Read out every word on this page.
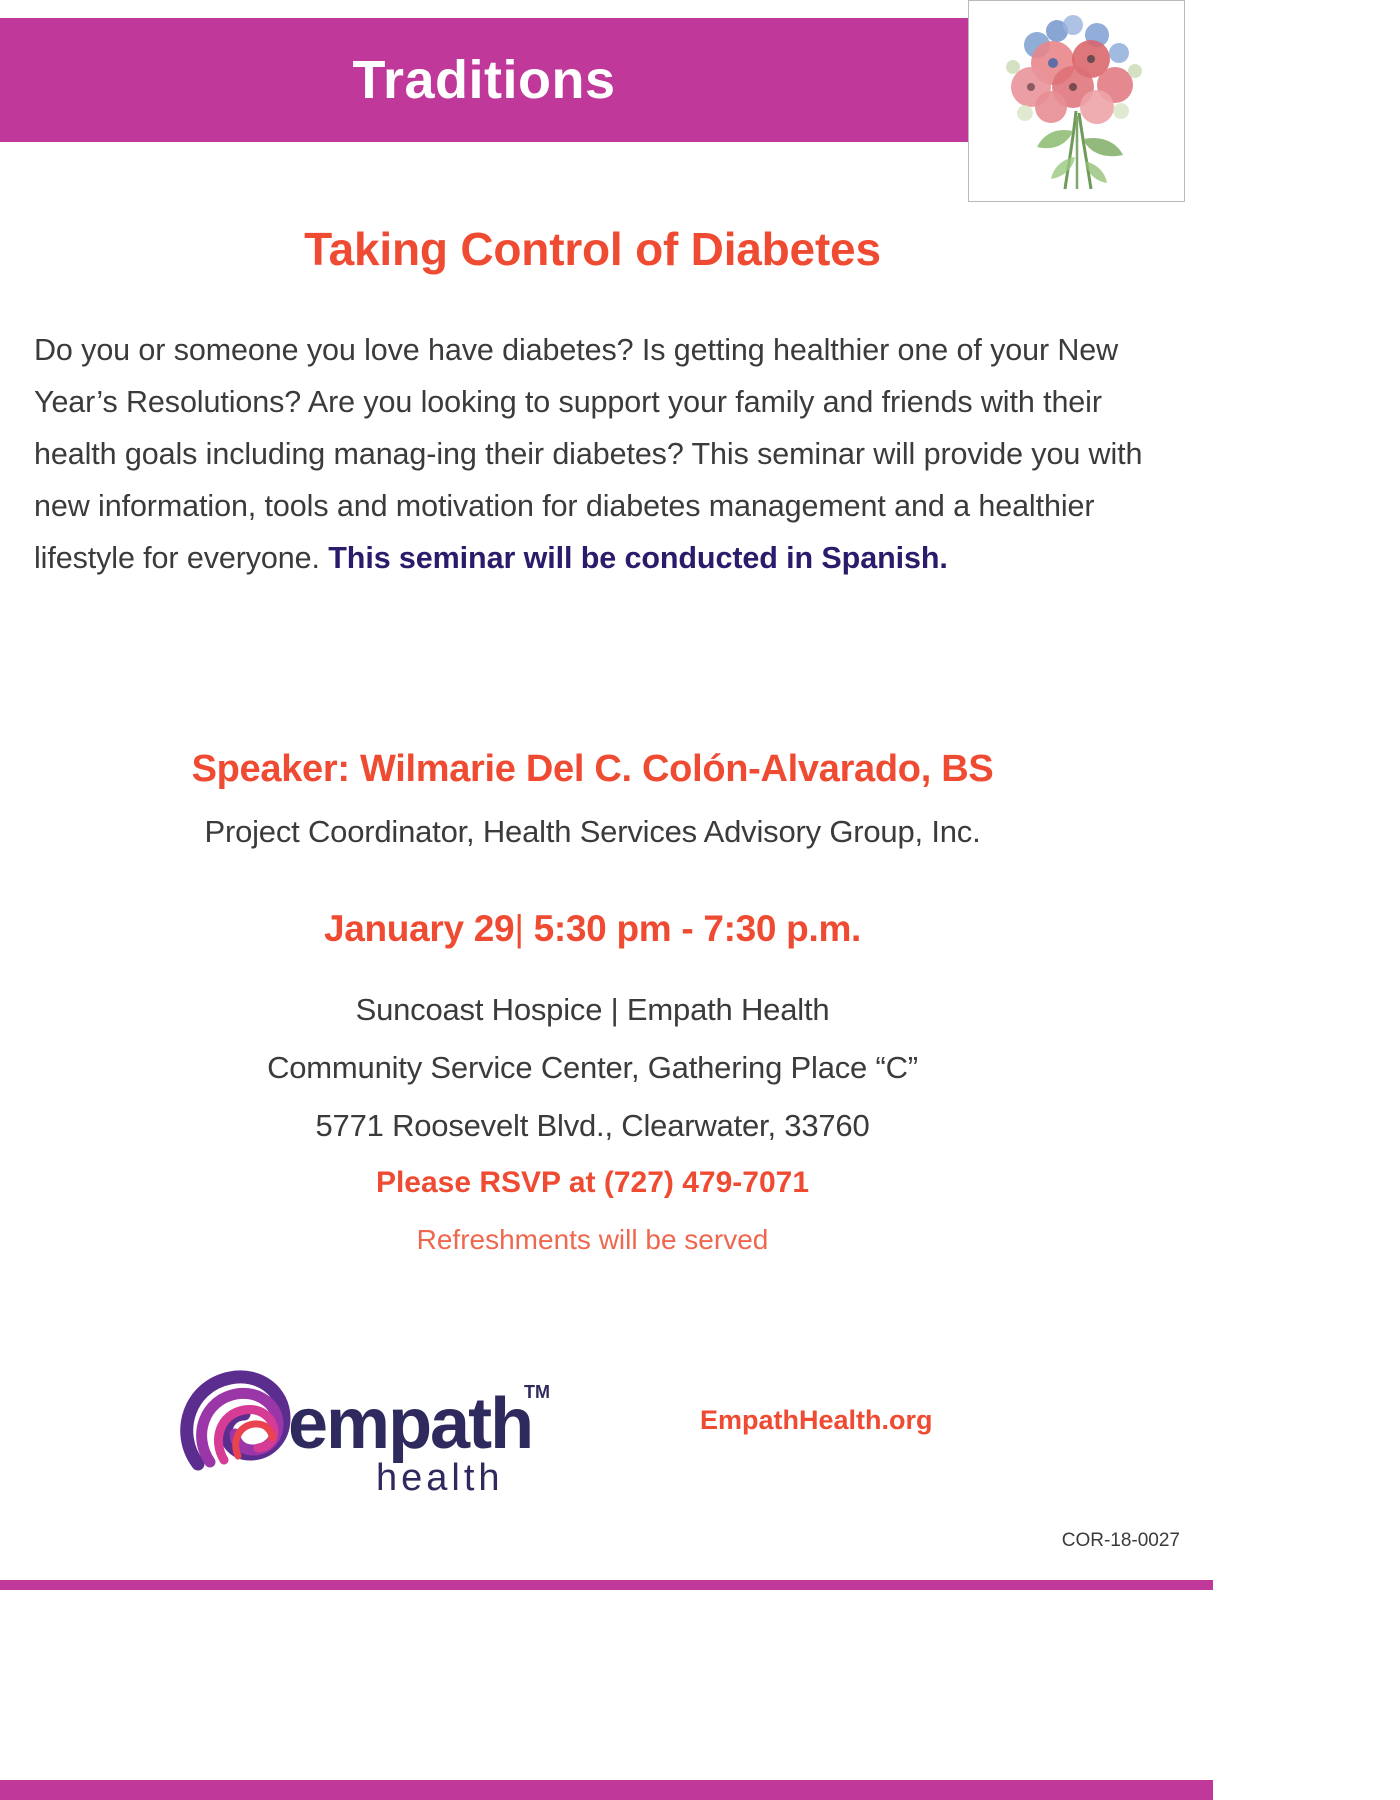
Traditions
Taking Control of Diabetes
Do you or someone you love have diabetes? Is getting healthier one of your New Year’s Resolutions? Are you looking to support your family and friends with their health goals including manag-ing their diabetes? This seminar will provide you with new information, tools and motivation for diabetes management and a healthier lifestyle for everyone. This seminar will be conducted in Spanish.
Speaker: Wilmarie Del C. Colón-Alvarado, BS
Project Coordinator, Health Services Advisory Group, Inc.
January 29| 5:30 pm - 7:30 p.m.
Suncoast Hospice | Empath Health
Community Service Center, Gathering Place “C”
5771 Roosevelt Blvd., Clearwater, 33760
Please RSVP at (727) 479-7071
Refreshments will be served
empath
TM
health
EmpathHealth.org
COR-18-0027
